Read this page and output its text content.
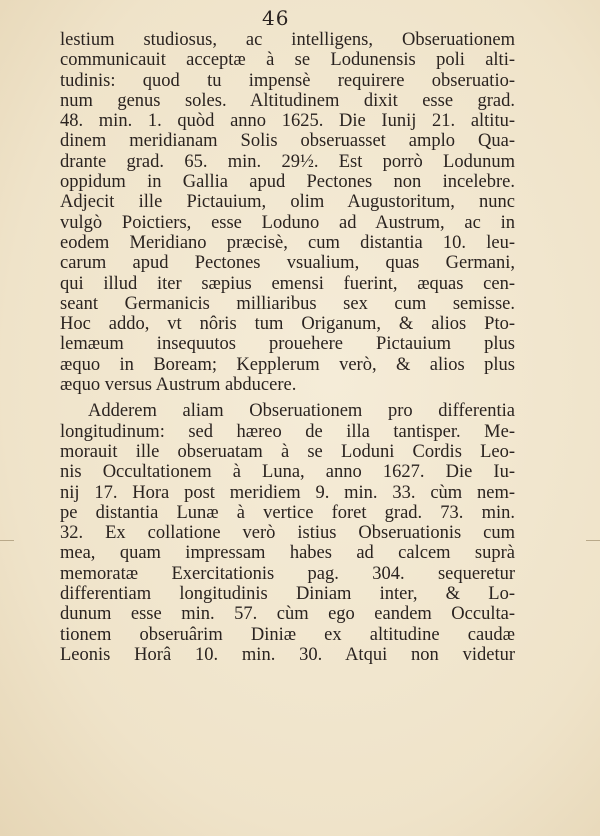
46
lestium studiosus, ac intelligens, Obseruationem
communicauit acceptæ à se Lodunensis poli alti-
tudinis: quod tu impensè requirere obseruatio-
num genus soles. Altitudinem dixit esse grad.
48. min. 1. quòd anno 1625. Die Iunij 21. altitu-
dinem meridianam Solis obseruasset amplo Qua-
drante grad. 65. min. 29½. Est porrò Lodunum
oppidum in Gallia apud Pectones non incelebre.
Adjecit ille Pictauium, olim Augustoritum, nunc
vulgò Poictiers, esse Loduno ad Austrum, ac in
eodem Meridiano præcisè, cum distantia 10. leu-
carum apud Pectones vsualium, quas Germani,
qui illud iter sæpius emensi fuerint, æquas cen-
seant Germanicis milliaribus sex cum semisse.
Hoc addo, vt nôris tum Origanum, & alios Pto-
lemæum insequutos prouehere Pictauium plus
æquo in Boream; Kepplerum verò, & alios plus
æquo versus Austrum abducere.
Adderem aliam Obseruationem pro differentia
longitudinum: sed hæreo de illa tantisper. Me-
morauit ille obseruatam à se Loduni Cordis Leo-
nis Occultationem à Luna, anno 1627. Die Iu-
nij 17. Hora post meridiem 9. min. 33. cùm nem-
pe distantia Lunæ à vertice foret grad. 73. min.
32. Ex collatione verò istius Obseruationis cum
mea, quam impressam habes ad calcem suprà
memoratæ Exercitationis pag. 304. sequeretur
differentiam longitudinis Diniam inter, & Lo-
dunum esse min. 57. cùm ego eandem Occulta-
tionem obseruârim Diniæ ex altitudine caudæ
Leonis Horâ 10. min. 30. Atqui non videtur
